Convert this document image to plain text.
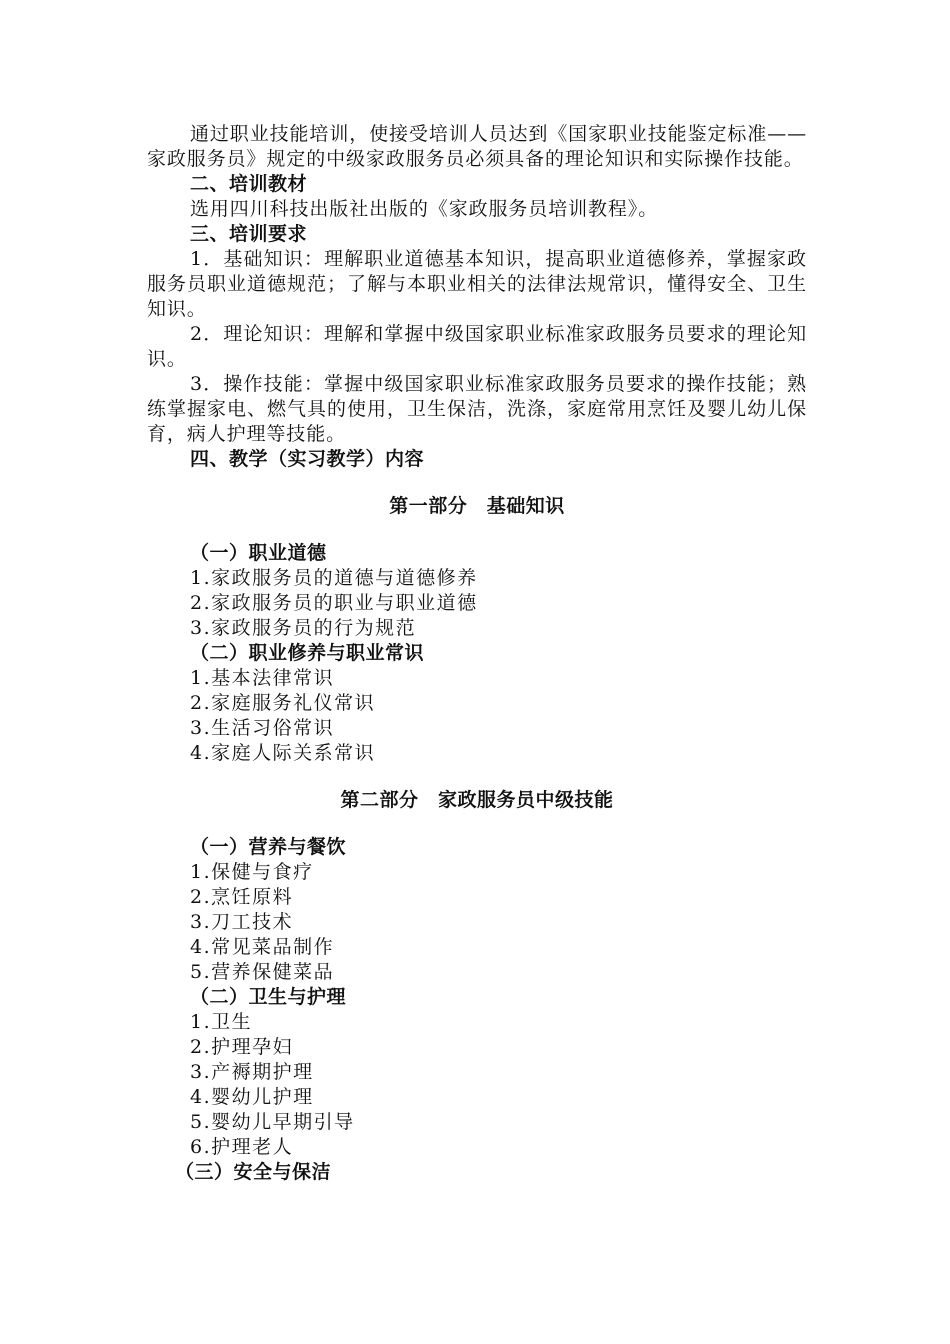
通过职业技能培训，使接受培训人员达到《国家职业技能鉴定标准——家政服务员》规定的中级家政服务员必须具备的理论知识和实际操作技能。

二、培训教材

选用四川科技出版社出版的《家政服务员培训教程》。

三、培训要求

1．基础知识：理解职业道德基本知识，提高职业道德修养，掌握家政服务员职业道德规范；了解与本职业相关的法律法规常识，懂得安全、卫生知识。

2．理论知识：理解和掌握中级国家职业标准家政服务员要求的理论知识。

3．操作技能：掌握中级国家职业标准家政服务员要求的操作技能；熟练掌握家电、燃气具的使用，卫生保洁，洗涤，家庭常用烹饪及婴儿幼儿保育，病人护理等技能。

四、教学（实习教学）内容
第一部分　基础知识
（一）职业道德
1.家政服务员的道德与道德修养
2.家政服务员的职业与职业道德
3.家政服务员的行为规范
（二）职业修养与职业常识
1.基本法律常识
2.家庭服务礼仪常识
3.生活习俗常识
4.家庭人际关系常识
第二部分　家政服务员中级技能
（一）营养与餐饮
1.保健与食疗
2.烹饪原料
3.刀工技术
4.常见菜品制作
5.营养保健菜品
（二）卫生与护理
1.卫生
2.护理孕妇
3.产褥期护理
4.婴幼儿护理
5.婴幼儿早期引导
6.护理老人
（三）安全与保洁
